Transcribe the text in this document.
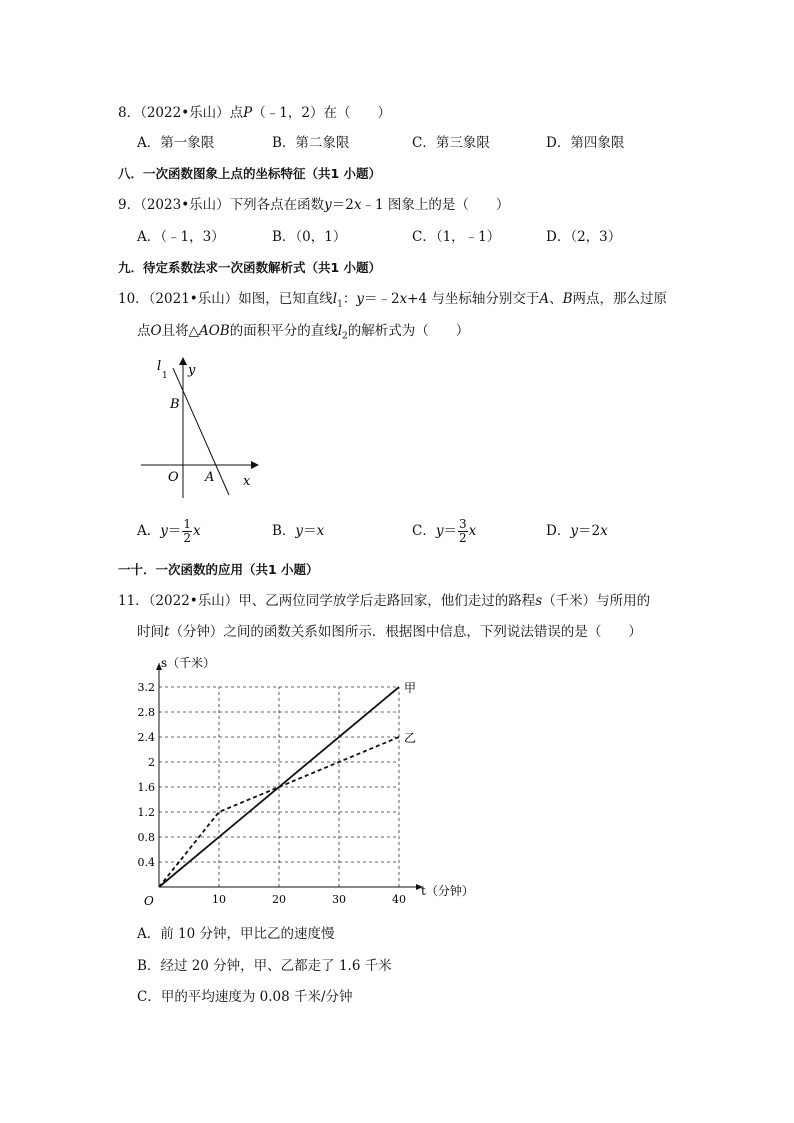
8．（2022•乐山）点P（﹣1，2）在（　　）
A．第一象限	B．第二象限	C．第三象限	D．第四象限
八．一次函数图象上点的坐标特征（共1 小题）
9．（2023•乐山）下列各点在函数y＝2x﹣1 图象上的是（　　）
A．（﹣1，3）	B．（0，1）	C．（1，﹣1）	D．（2，3）
九．待定系数法求一次函数解析式（共1 小题）
10．（2021•乐山）如图，已知直线$l_1$：y＝﹣2x+4 与坐标轴分别交于A、B两点，那么过原
点O且将△AOB的面积平分的直线$l_2$的解析式为（　　）
l
1 y
B
O A x
A．$y= \frac{1}{2}$ x	B．y＝x	C．$y= \frac{3}{2}$ x	D．y＝2x
一十．一次函数的应用（共1 小题）
11．（2022•乐山）甲、乙两位同学放学后走路回家，他们走过的路程s（千米）与所用的
时间t（分钟）之间的函数关系如图所示．根据图中信息，下列说法错误的是（　　）
0.4
0.8
1.2
1.6
2
2.4
2.8
3.2
10	20	30	40
甲
乙
s（千米）
t（分钟）
O
A．前 10 分钟，甲比乙的速度慢
B．经过 20 分钟，甲、乙都走了 1.6 千米
C．甲的平均速度为 0.08 千米/分钟
